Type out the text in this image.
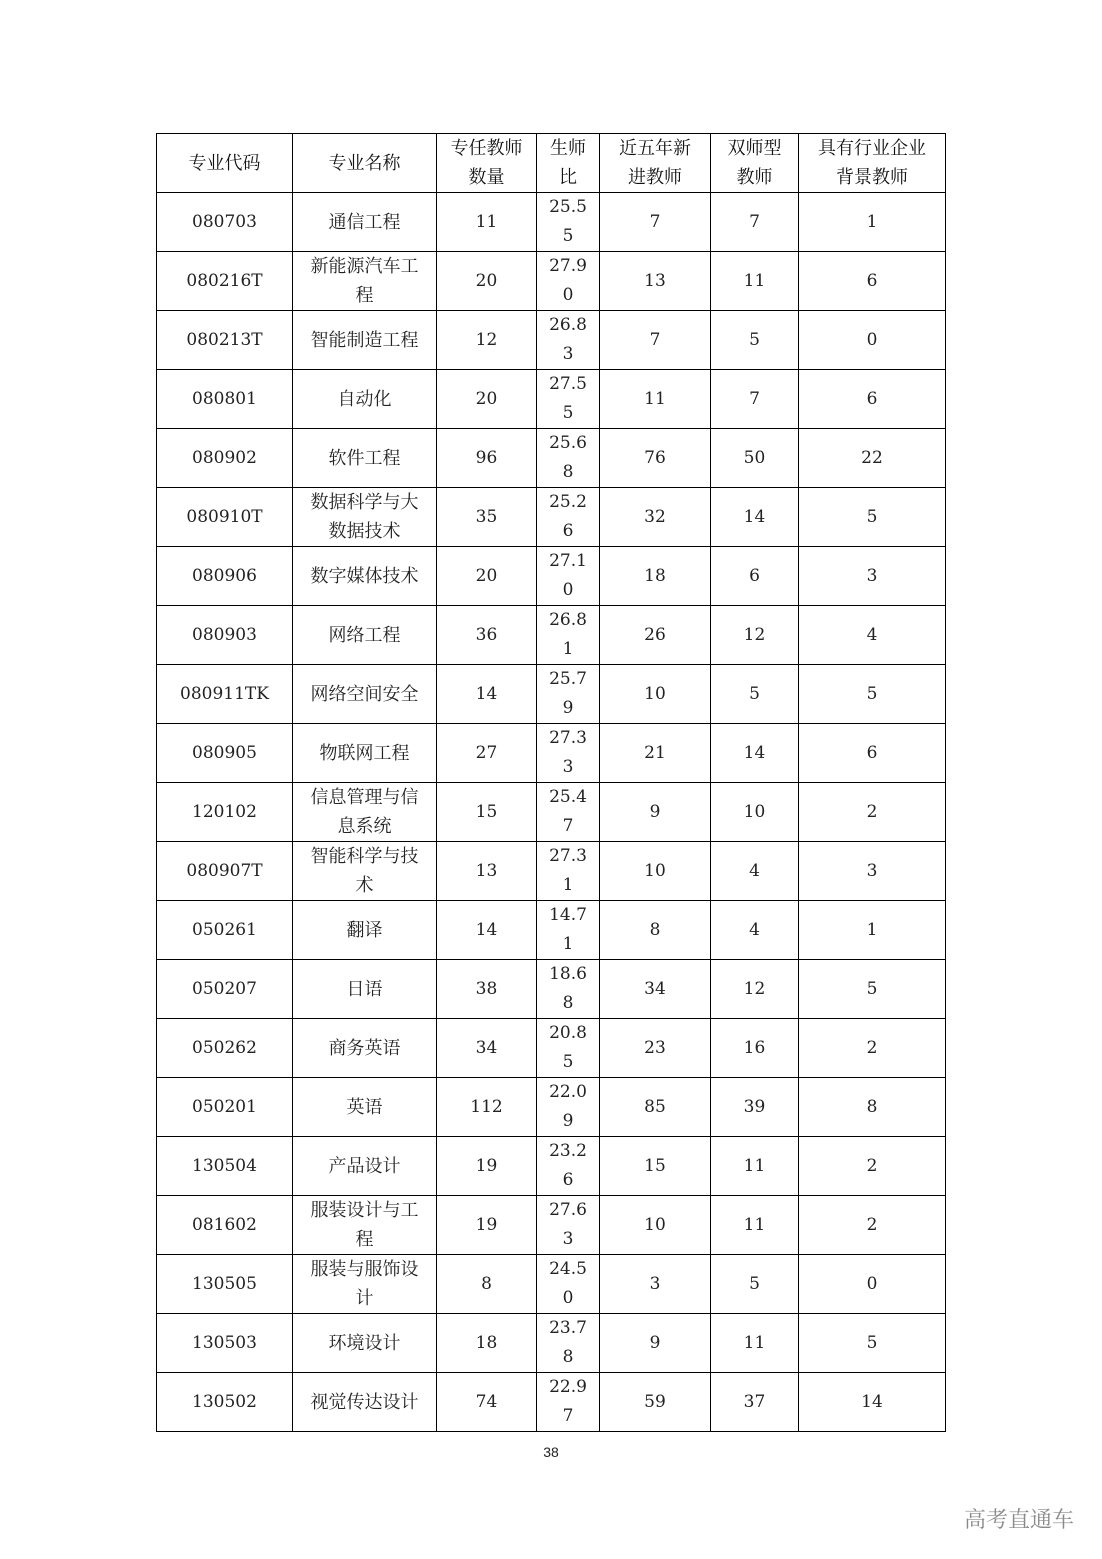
专业代码	专业名称	专任教师数量	生师比	近五年新进教师	双师型教师	具有行业企业背景教师

080703	通信工程	11	25.55	7	7	1
080216T	新能源汽车工程	20	27.90	13	11	6
080213T	智能制造工程	12	26.83	7	5	0
080801	自动化	20	27.55	11	7	6
080902	软件工程	96	25.68	76	50	22
080910T	数据科学与大数据技术	35	25.26	32	14	5
080906	数字媒体技术	20	27.10	18	6	3
080903	网络工程	36	26.81	26	12	4
080911TK	网络空间安全	14	25.79	10	5	5
080905	物联网工程	27	27.33	21	14	6
120102	信息管理与信息系统	15	25.47	9	10	2
080907T	智能科学与技术	13	27.31	10	4	3
050261	翻译	14	14.71	8	4	1
050207	日语	38	18.68	34	12	5
050262	商务英语	34	20.85	23	16	2
050201	英语	112	22.09	85	39	8
130504	产品设计	19	23.26	15	11	2
081602	服装设计与工程	19	27.63	10	11	2
130505	服装与服饰设计	8	24.50	3	5	0
130503	环境设计	18	23.78	9	11	5
130502	视觉传达设计	74	22.97	59	37	14
38
高考直通车
